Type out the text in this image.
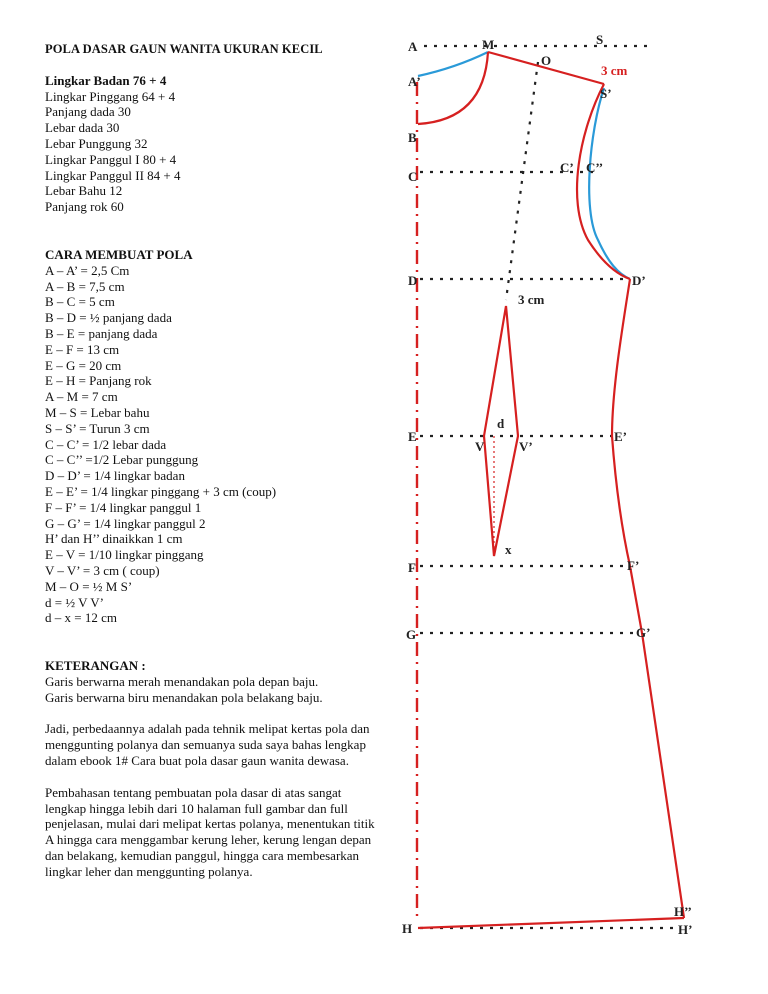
POLA DASAR GAUN WANITA UKURAN KECIL
Lingkar Badan 76 + 4
Lingkar Pinggang 64 + 4
Panjang dada 30
Lebar dada 30
Lebar Punggung 32
Lingkar Panggul I 80 + 4
Lingkar Panggul II 84 + 4
Lebar Bahu 12
Panjang rok 60
CARA MEMBUAT POLA
A – A’ = 2,5 Cm
A – B = 7,5 cm
B – C = 5 cm
B – D = ½ panjang dada
B – E = panjang dada
E – F = 13 cm
E – G = 20 cm
E – H = Panjang rok
A – M = 7 cm
M – S = Lebar bahu
S – S’ = Turun 3 cm
C – C’ = 1/2 lebar dada
C – C’’ =1/2 Lebar punggung
D – D’ = 1/4 lingkar badan
E – E’ = 1/4 lingkar pinggang + 3 cm (coup)
F – F’ = 1/4 lingkar panggul 1
G – G’ = 1/4 lingkar panggul 2
H’ dan H’’ dinaikkan 1 cm
E – V = 1/10 lingkar pinggang
V – V’ = 3 cm ( coup)
M – O = ½ M S’
d = ½ V V’
d – x = 12 cm
KETERANGAN :
Garis berwarna merah menandakan pola depan baju.
Garis berwarna biru menandakan pola belakang baju.

Jadi, perbedaannya adalah pada tehnik melipat kertas pola dan menggunting polanya dan semuanya suda saya bahas lengkap dalam ebook 1# Cara buat pola dasar gaun wanita dewasa.

Pembahasan tentang pembuatan pola dasar di atas sangat lengkap hingga lebih dari 10 halaman full gambar dan full penjelasan, mulai dari melipat kertas polanya, menentukan titik A hingga cara menggambar kerung leher, kerung lengan depan dan belakang, kemudian panggul, hingga cara membesarkan lingkar leher dan menggunting polanya.

A
A’
B
C
D
E
F
G
H
M	S
O
3 cm
S’
C’ C’’
D’
3 cm
d
V	V’
E’
x
F’
G’
H’’
H’
